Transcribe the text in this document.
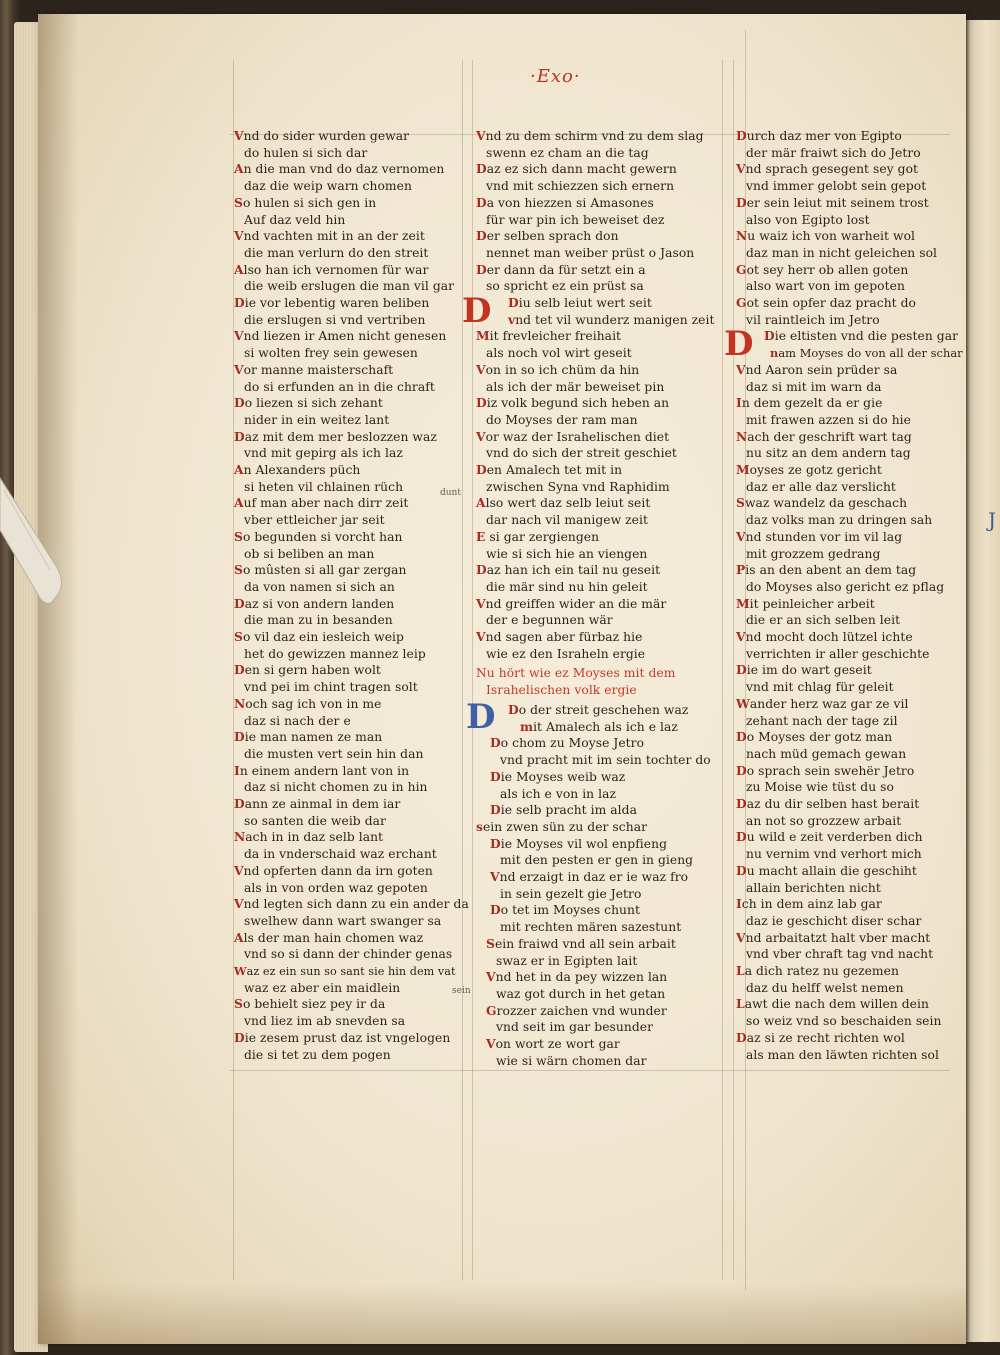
J
·Exo·
Vnd do sider wurden gewar
do hulen si sich dar
An die man vnd do daz vernomen
daz die weip warn chomen
So hulen si sich gen in
Auf daz veld hin
Vnd vachten mit in an der zeit
die man verlurn do den streit
Also han ich vernomen für war
die weib erslugen die man vil gar
Die vor lebentig waren beliben
die erslugen si vnd vertriben
Vnd liezen ir Amen nicht genesen
si wolten frey sein gewesen
Vor manne maisterschaft
do si erfunden an in die chraft
Do liezen si sich zehant
nider in ein weitez lant
Daz mit dem mer beslozzen waz
vnd mit gepirg als ich laz
An Alexanders püch
si heten vil chlainen rüch
Auf man aber nach dirr zeit
vber ettleicher jar seit
So begunden si vorcht han
ob si beliben an man
So mûsten si all gar zergan
da von namen si sich an
Daz si von andern landen
die man zu in besanden
So vil daz ein iesleich weip
het do gewizzen mannez leip
Den si gern haben wolt
vnd pei im chint tragen solt
Noch sag ich von in me
daz si nach der e
Die man namen ze man
die musten vert sein hin dan
In einem andern lant von in
daz si nicht chomen zu in hin
Dann ze ainmal in dem iar
so santen die weib dar
Nach in in daz selb lant
da in vnderschaid waz erchant
Vnd opferten dann da irn goten
als in von orden waz gepoten
Vnd legten sich dann zu ein ander da
swelhew dann wart swanger sa
Als der man hain chomen waz
vnd so si dann der chinder genas
Waz ez ein sun so sant sie hin dem vat
waz ez aber ein maidlein
So behielt siez pey ir da
vnd liez im ab snevden sa
Die zesem prust daz ist vngelogen
die si tet zu dem pogen
Vnd zu dem schirm vnd zu dem slag
swenn ez cham an die tag
Daz ez sich dann macht gewern
vnd mit schiezzen sich ernern
Da von hiezzen si Amasones
für war pin ich beweiset dez
Der selben sprach don
nennet man weiber prüst o Jason
Der dann da für setzt ein a
so spricht ez ein prüst sa
D Diu selb leiut wert seit
vnd tet vil wunderz manigen zeit
Mit frevleicher freihait
als noch vol wirt geseit
Von in so ich chüm da hin
als ich der mär beweiset pin
Diz volk begund sich heben an
do Moyses der ram man
Vor waz der Israhelischen diet
vnd do sich der streit geschiet
Den Amalech tet mit in
zwischen Syna vnd Raphidim
Also wert daz selb leiut seit
dar nach vil manigew zeit
E si gar zergiengen
wie si sich hie an viengen
Daz han ich ein tail nu geseit
die mär sind nu hin geleit
Vnd greiffen wider an die mär
der e begunnen wär
Vnd sagen aber fürbaz hie
wie ez den Israheln ergie
Nu hört wie ez Moyses mit dem
Israhelischen volk ergie
D Do der streit geschehen waz
mit Amalech als ich e laz
Do chom zu Moyse Jetro
vnd pracht mit im sein tochter do
Die Moyses weib waz
als ich e von in laz
Die selb pracht im alda
sein zwen sün zu der schar
Die Moyses vil wol enpfieng
mit den pesten er gen in gieng
Vnd erzaigt in daz er ie waz fro
in sein gezelt gie Jetro
Do tet im Moyses chunt
mit rechten mären sazestunt
Sein fraiwd vnd all sein arbait
swaz er in Egipten lait
Vnd het in da pey wizzen lan
waz got durch in het getan
Grozzer zaichen vnd wunder
vnd seit im gar besunder
Von wort ze wort gar
wie si wärn chomen dar
Durch daz mer von Egipto
der mär fraiwt sich do Jetro
Vnd sprach gesegent sey got
vnd immer gelobt sein gepot
Der sein leiut mit seinem trost
also von Egipto lost
Nu waiz ich von warheit wol
daz man in nicht geleichen sol
Got sey herr ob allen goten
also wart von im gepoten
Got sein opfer daz pracht do
vil raintleich im Jetro
D Die eltisten vnd die pesten gar
nam Moyses do von all der schar
Vnd Aaron sein prüder sa
daz si mit im warn da
In dem gezelt da er gie
mit frawen azzen si do hie
Nach der geschrift wart tag
nu sitz an dem andern tag
Moyses ze gotz gericht
daz er alle daz verslicht
Swaz wandelz da geschach
daz volks man zu dringen sah
Vnd stunden vor im vil lag
mit grozzem gedrang
Pis an den abent an dem tag
do Moyses also gericht ez pflag
Mit peinleicher arbeit
die er an sich selben leit
Vnd mocht doch lützel ichte
verrichten ir aller geschichte
Die im do wart geseit
vnd mit chlag für geleit
Wander herz waz gar ze vil
zehant nach der tage zil
Do Moyses der gotz man
nach müd gemach gewan
Do sprach sein swehër Jetro
zu Moise wie tüst du so
Daz du dir selben hast berait
an not so grozzew arbait
Du wild e zeit verderben dich
nu vernim vnd verhort mich
Du macht allain die geschiht
allain berichten nicht
Ich in dem ainz lab gar
daz ie geschicht diser schar
Vnd arbaitatzt halt vber macht
vnd vber chraft tag vnd nacht
La dich ratez nu gezemen
daz du helff welst nemen
Lawt die nach dem willen dein
so weiz vnd so beschaiden sein
Daz si ze recht richten wol
als man den läwten richten sol
sein
dunt
